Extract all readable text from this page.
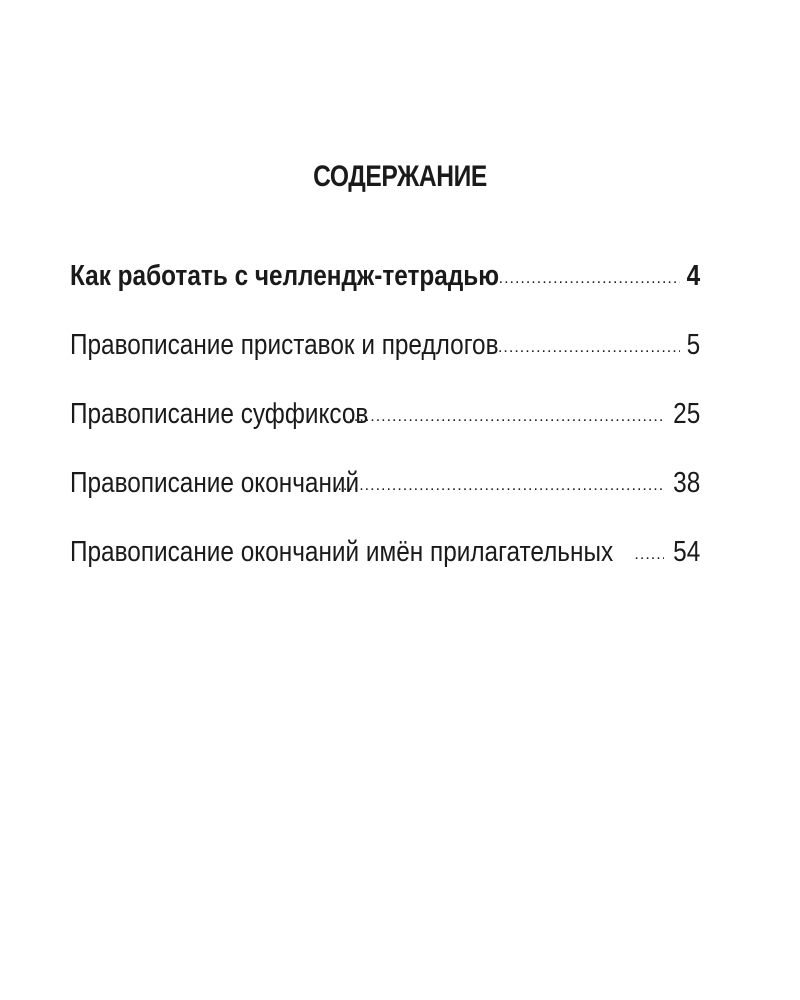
СОДЕРЖАНИЕ
Как работать с челлендж-тетрадью .....	4
Правописание приставок и предлогов .....	5
Правописание суффиксов .....	25
Правописание окончаний .....	38
Правописание окончаний имён прилагательных ..... 54
